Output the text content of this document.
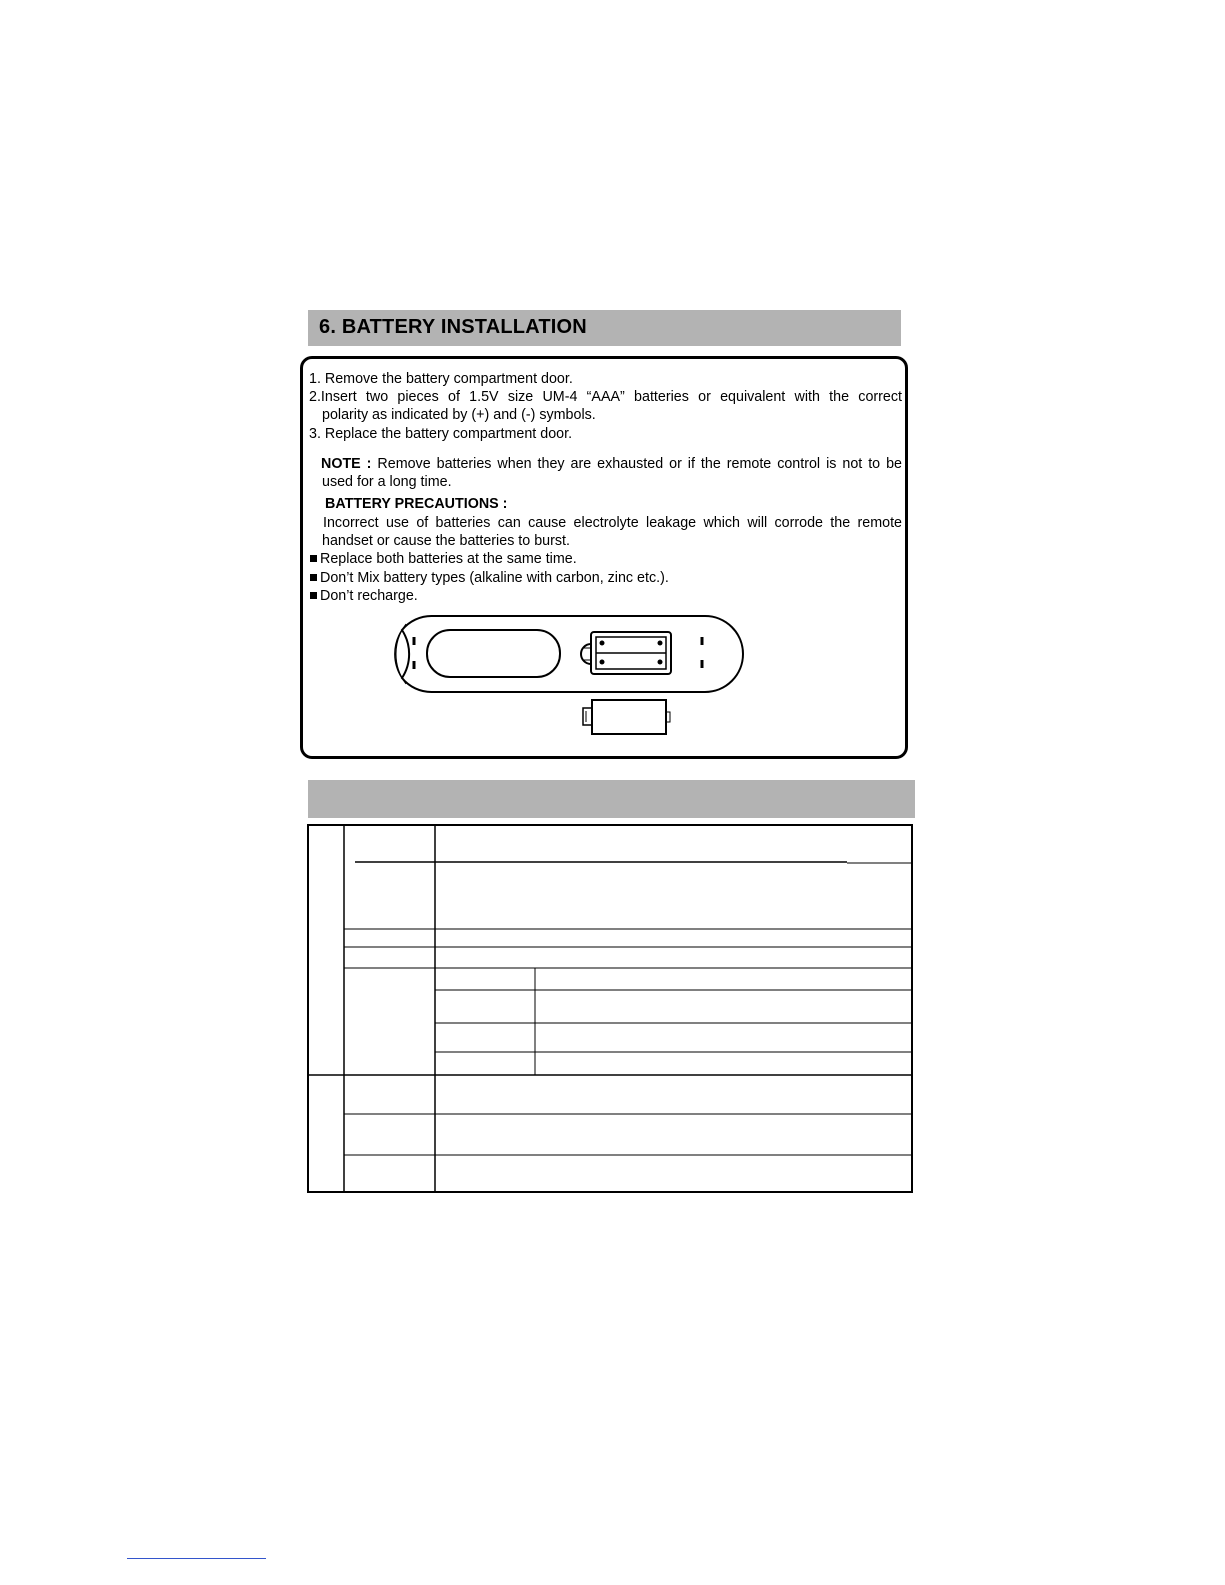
6. BATTERY INSTALLATION
1. Remove the battery compartment door.
2.Insert two pieces of 1.5V size UM-4 “AAA” batteries or equivalent with the correct
polarity as indicated by (+) and (-) symbols.
3. Replace the battery compartment door.
NOTE : Remove batteries when they are exhausted or if the remote control is not to be
used for a long time.
BATTERY PRECAUTIONS :
Incorrect use of batteries can cause electrolyte leakage which will corrode the remote
handset or cause the batteries to burst.
Replace both batteries at the same time.
Don’t Mix battery types (alkaline with carbon, zinc etc.).
Don’t recharge.
